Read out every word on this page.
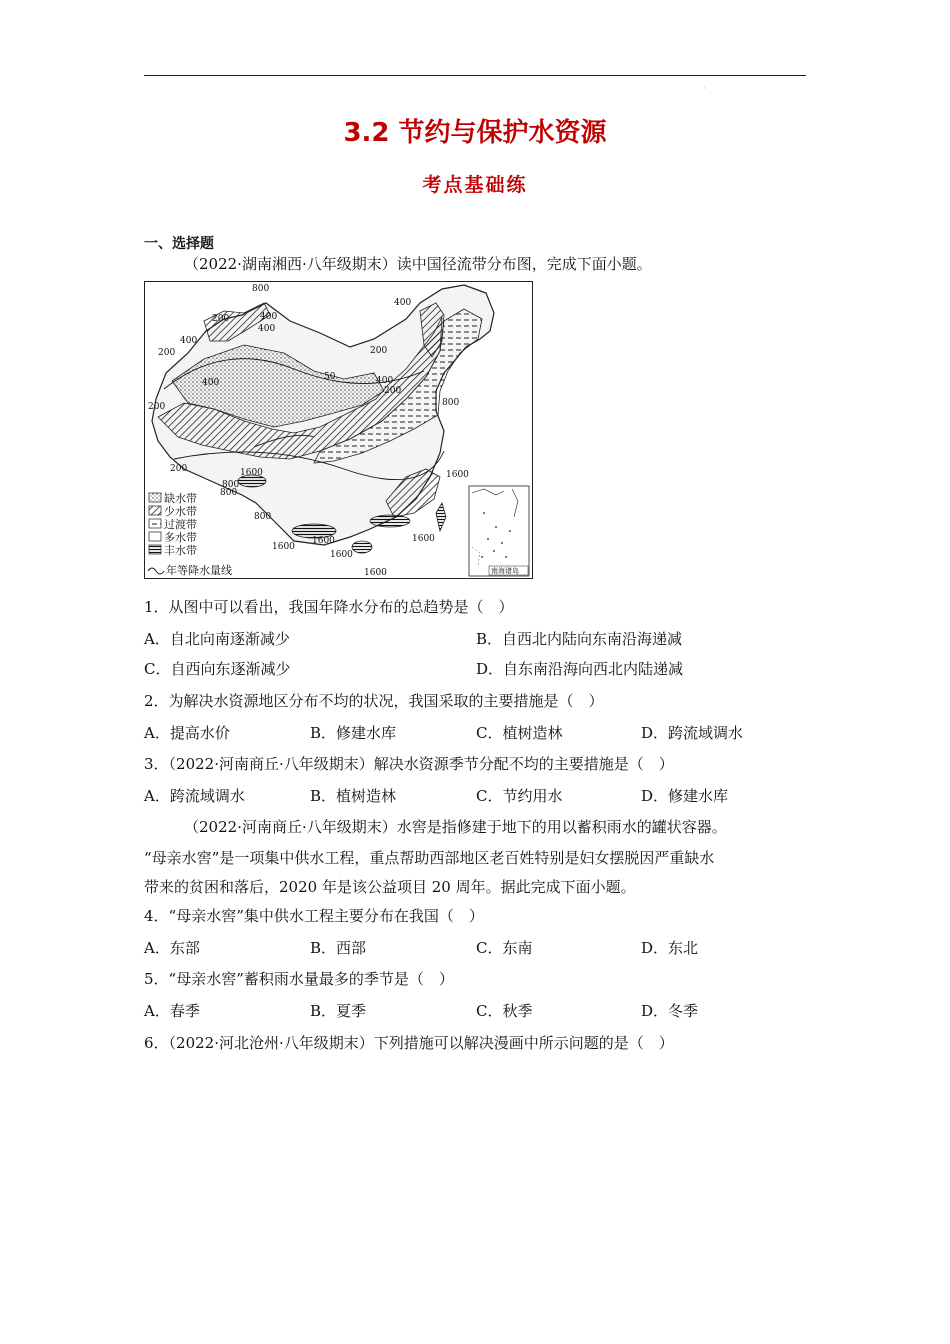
·
3.2 节约与保护水资源
考点基础练
一、选择题
（2022·湖南湘西·八年级期末）读中国径流带分布图，完成下面小题。
800
400
200	400
400
400
200	200
200
400
50
200
400
800
200
800
1600
1600
800
800
1600
1600
1600
1600
1600
缺水带
少水带
过渡带
多水带
丰水带
年等降水量线	南海诸岛
1．从图中可以看出，我国年降水分布的总趋势是（　）
A．自北向南逐渐减少	B．自西北内陆向东南沿海递减
C．自西向东逐渐减少	D．自东南沿海向西北内陆递减
2．为解决水资源地区分布不均的状况，我国采取的主要措施是（　）
A．提高水价	B．修建水库	C．植树造林	D．跨流域调水
3．（2022·河南商丘·八年级期末）解决水资源季节分配不均的主要措施是（　）
A．跨流域调水	B．植树造林	C．节约用水	D．修建水库
（2022·河南商丘·八年级期末）水窖是指修建于地下的用以蓄积雨水的罐状容器。
“母亲水窖”是一项集中供水工程，重点帮助西部地区老百姓特别是妇女摆脱因严重缺水
带来的贫困和落后，2020 年是该公益项目 20 周年。据此完成下面小题。
4．“母亲水窖”集中供水工程主要分布在我国（　）
A．东部	B．西部	C．东南	D．东北
5．“母亲水窖”蓄积雨水量最多的季节是（　）
A．春季	B．夏季	C．秋季	D．冬季
6．（2022·河北沧州·八年级期末）下列措施可以解决漫画中所示问题的是（　）
